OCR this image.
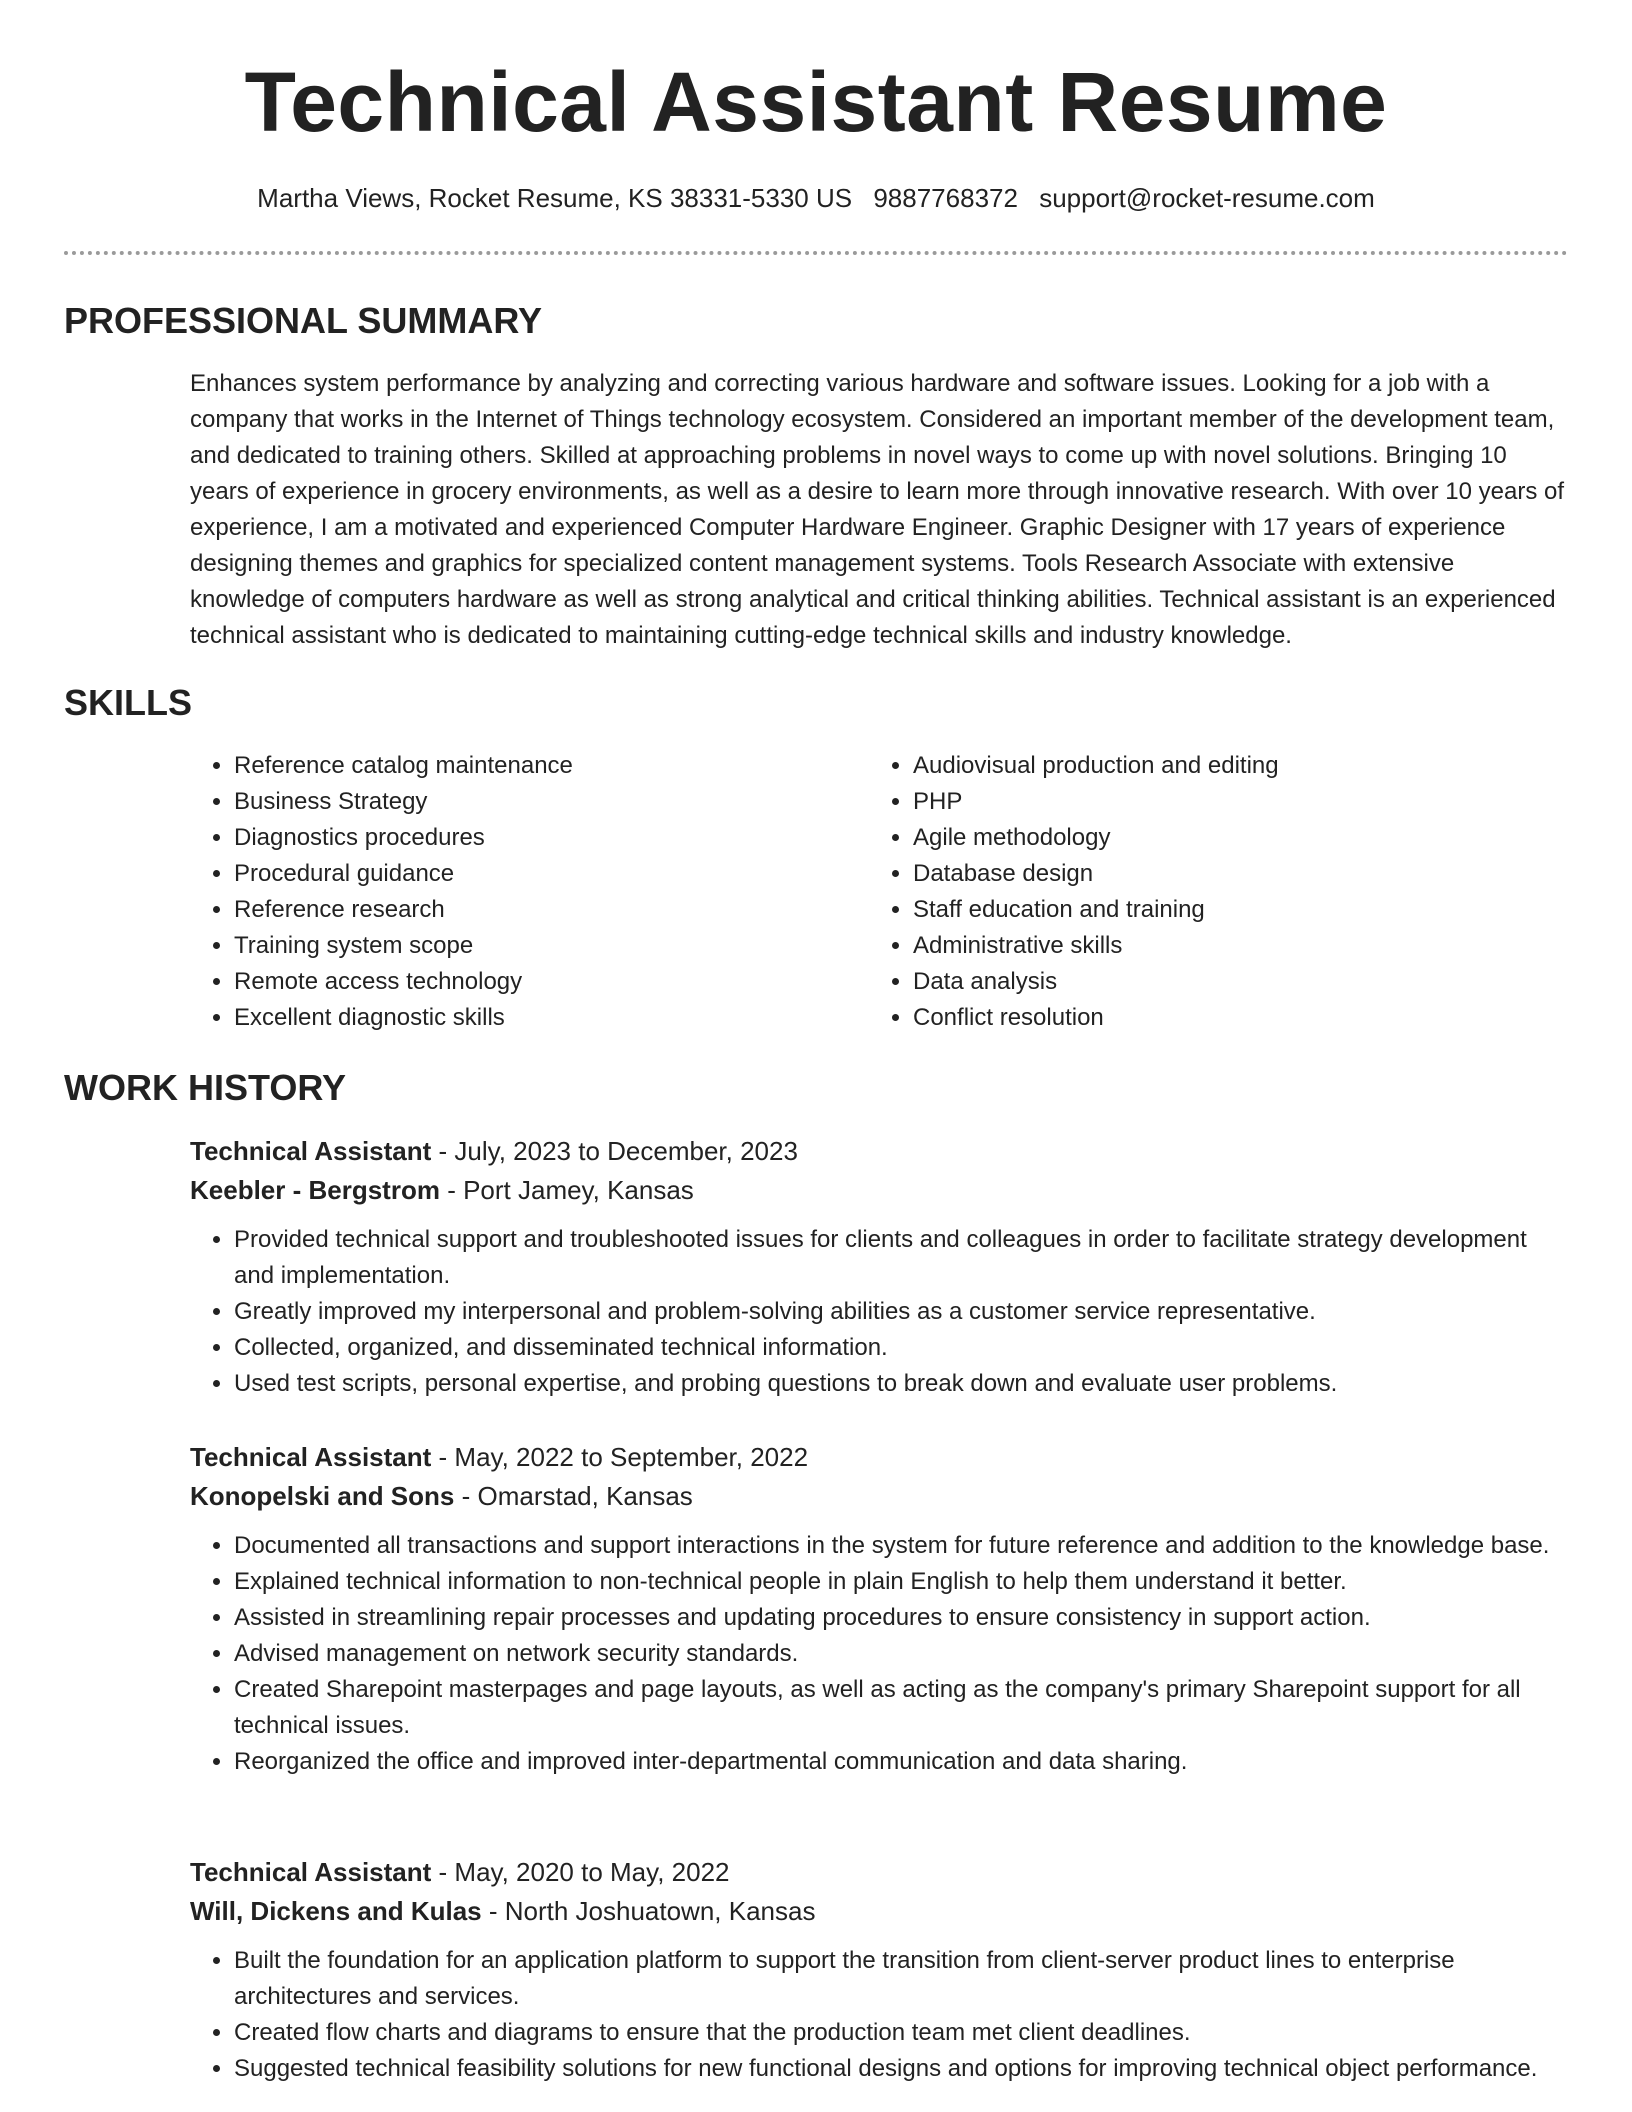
Technical Assistant Resume
Martha Views, Rocket Resume, KS 38331-5330 US 9887768372 support@rocket-resume.com
PROFESSIONAL SUMMARY

Enhances system performance by analyzing and correcting various hardware and software issues. Looking for a job with a company that works in the Internet of Things technology ecosystem. Considered an important member of the development team, and dedicated to training others. Skilled at approaching problems in novel ways to come up with novel solutions. Bringing 10 years of experience in grocery environments, as well as a desire to learn more through innovative research. With over 10 years of experience, I am a motivated and experienced Computer Hardware Engineer. Graphic Designer with 17 years of experience designing themes and graphics for specialized content management systems. Tools Research Associate with extensive knowledge of computers hardware as well as strong analytical and critical thinking abilities. Technical assistant is an experienced technical assistant who is dedicated to maintaining cutting-edge technical skills and industry knowledge.

SKILLS
• Reference catalog maintenance
• Business Strategy
• Diagnostics procedures
• Procedural guidance
• Reference research
• Training system scope
• Remote access technology
• Excellent diagnostic skills
• Audiovisual production and editing
• PHP
• Agile methodology
• Database design
• Staff education and training
• Administrative skills
• Data analysis
• Conflict resolution
WORK HISTORY

Technical Assistant - July, 2023 to December, 2023

Keebler - Bergstrom - Port Jamey, Kansas

• Provided technical support and troubleshooted issues for clients and colleagues in order to facilitate strategy development and implementation.
• Greatly improved my interpersonal and problem-solving abilities as a customer service representative.
• Collected, organized, and disseminated technical information.
• Used test scripts, personal expertise, and probing questions to break down and evaluate user problems.

Technical Assistant - May, 2022 to September, 2022

Konopelski and Sons - Omarstad, Kansas

• Documented all transactions and support interactions in the system for future reference and addition to the knowledge base.
• Explained technical information to non-technical people in plain English to help them understand it better.
• Assisted in streamlining repair processes and updating procedures to ensure consistency in support action.
• Advised management on network security standards.
• Created Sharepoint masterpages and page layouts, as well as acting as the company's primary Sharepoint support for all technical issues.
• Reorganized the office and improved inter-departmental communication and data sharing.

Technical Assistant - May, 2020 to May, 2022

Will, Dickens and Kulas - North Joshuatown, Kansas

• Built the foundation for an application platform to support the transition from client-server product lines to enterprise architectures and services.
• Created flow charts and diagrams to ensure that the production team met client deadlines.
• Suggested technical feasibility solutions for new functional designs and options for improving technical object performance.
